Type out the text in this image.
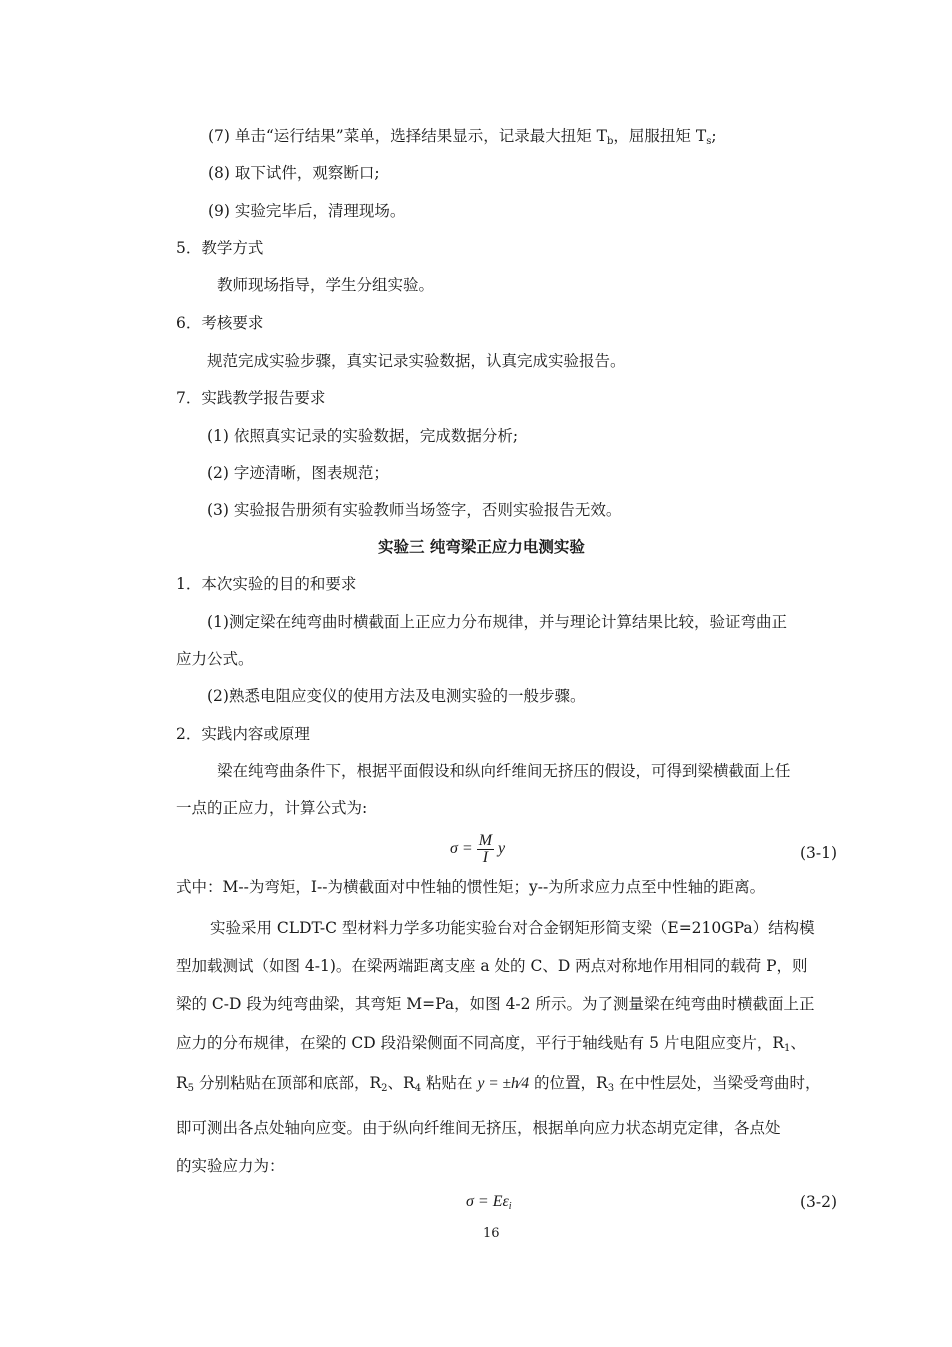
(7) 单击“运行结果”菜单，选择结果显示，记录最大扭矩 $T_b$，屈服扭矩 $T_s$;
(8) 取下试件，观察断口;
(9) 实验完毕后，清理现场。
5．教学方式
教师现场指导，学生分组实验。
6．考核要求
规范完成实验步骤，真实记录实验数据，认真完成实验报告。
7．实践教学报告要求
(1) 依照真实记录的实验数据，完成数据分析;
(2) 字迹清晰，图表规范；
(3) 实验报告册须有实验教师当场签字，否则实验报告无效。
实验三 纯弯梁正应力电测实验
1．本次实验的目的和要求
(1)测定梁在纯弯曲时横截面上正应力分布规律，并与理论计算结果比较，验证弯曲正
应力公式。
(2)熟悉电阻应变仪的使用方法及电测实验的一般步骤。
2．实践内容或原理
梁在纯弯曲条件下，根据平面假设和纵向纤维间无挤压的假设，可得到梁横截面上任
一点的正应力，计算公式为:
$\sigma = \frac{M}{I}$ y	(3-1)
式中：M--为弯矩，I--为横截面对中性轴的惯性矩；y--为所求应力点至中性轴的距离。
实验采用 CLDT-C 型材料力学多功能实验台对合金钢矩形简支梁（E=210GPa）结构模
型加载测试（如图 4-1)。在梁两端距离支座 a 处的 C、D 两点对称地作用相同的载荷 P，则
梁的 C-D 段为纯弯曲梁，其弯矩 M=Pa，如图 4-2 所示。为了测量梁在纯弯曲时横截面上正
应力的分布规律，在梁的 CD 段沿梁侧面不同高度，平行于轴线贴有 5 片电阻应变片，$R_1$、
$R_5$ 分别粘贴在顶部和底部，$R_2$、$R_4$ 粘贴在 y = ±h⁄4 的位置，$R_3$ 在中性层处，当梁受弯曲时，
即可测出各点处轴向应变。由于纵向纤维间无挤压，根据单向应力状态胡克定律，各点处
的实验应力为：
$\sigma = E\varepsilon_i$	(3-2)
16
